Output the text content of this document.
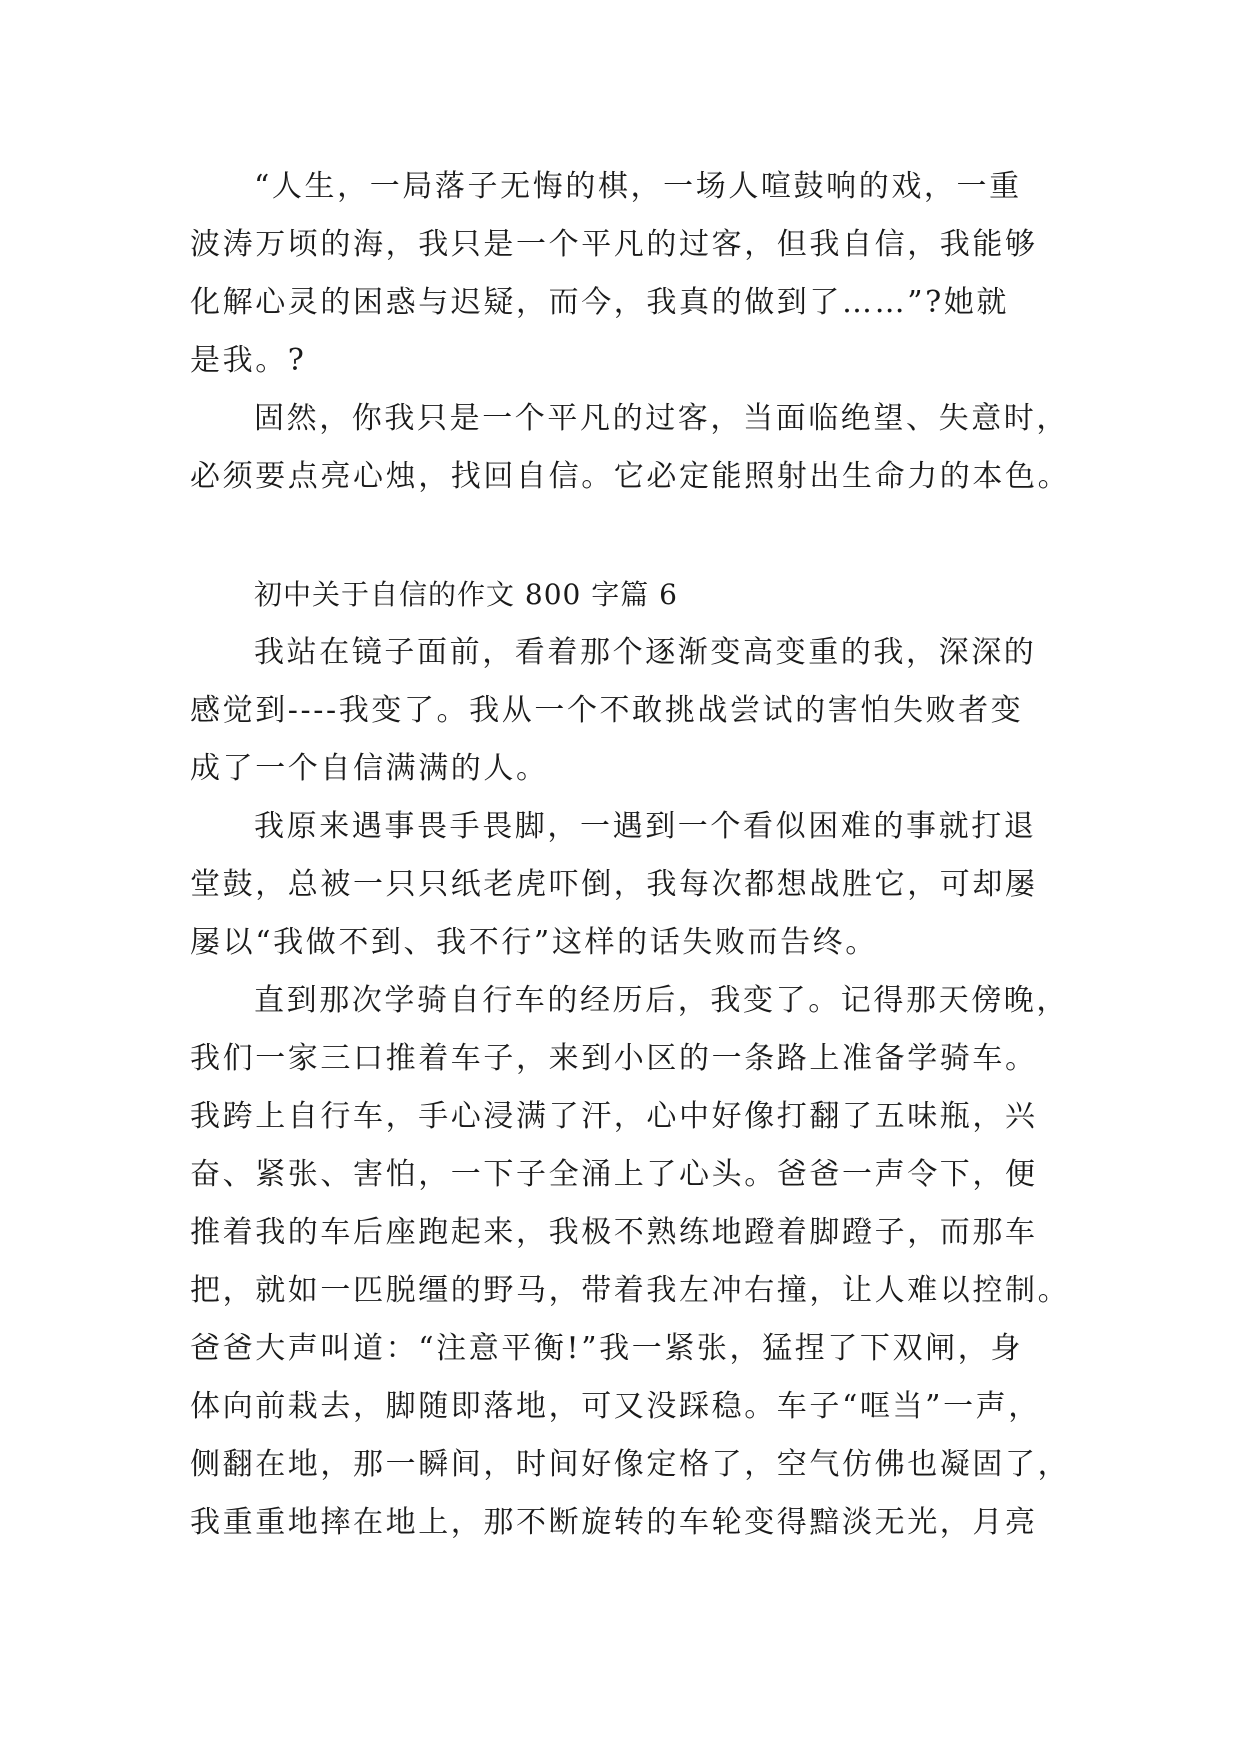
“人生，一局落子无悔的棋，一场人喧鼓响的戏，一重
波涛万顷的海，我只是一个平凡的过客，但我自信，我能够
化解心灵的困惑与迟疑，而今，我真的做到了……”?她就
是我。?
固然，你我只是一个平凡的过客，当面临绝望、失意时，
必须要点亮心烛，找回自信。它必定能照射出生命力的本色。
初中关于自信的作文 800 字篇 6
我站在镜子面前，看着那个逐渐变高变重的我，深深的
感觉到----我变了。我从一个不敢挑战尝试的害怕失败者变
成了一个自信满满的人。
我原来遇事畏手畏脚，一遇到一个看似困难的事就打退
堂鼓，总被一只只纸老虎吓倒，我每次都想战胜它，可却屡
屡以“我做不到、我不行”这样的话失败而告终。
直到那次学骑自行车的经历后，我变了。记得那天傍晚，
我们一家三口推着车子，来到小区的一条路上准备学骑车。
我跨上自行车，手心浸满了汗，心中好像打翻了五味瓶，兴
奋、紧张、害怕，一下子全涌上了心头。爸爸一声令下，便
推着我的车后座跑起来，我极不熟练地蹬着脚蹬子，而那车
把，就如一匹脱缰的野马，带着我左冲右撞，让人难以控制。
爸爸大声叫道：“注意平衡!”我一紧张，猛捏了下双闸，身
体向前栽去，脚随即落地，可又没踩稳。车子“哐当”一声，
侧翻在地，那一瞬间，时间好像定格了，空气仿佛也凝固了，
我重重地摔在地上，那不断旋转的车轮变得黯淡无光，月亮
